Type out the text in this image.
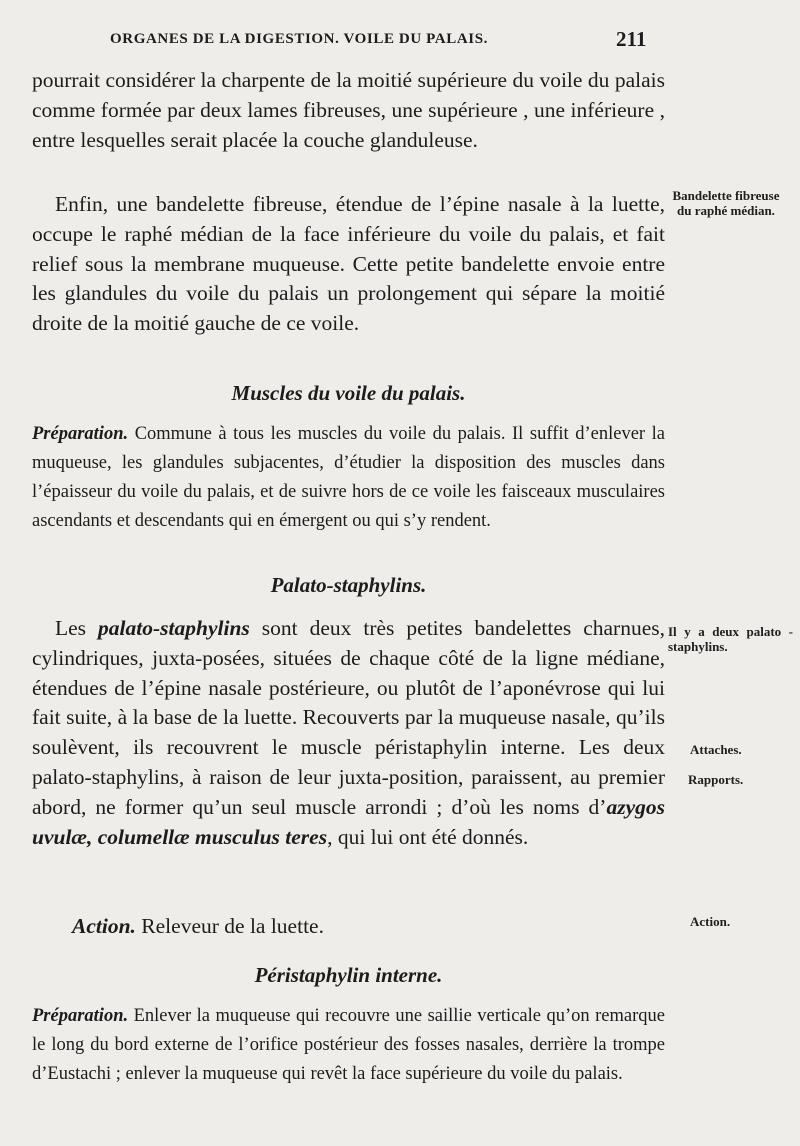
ORGANES DE LA DIGESTION. VOILE DU PALAIS.	211
pourrait considérer la charpente de la moitié supérieure du voile du palais comme formée par deux lames fibreuses, une supérieure , une inférieure , entre lesquelles serait placée la couche glanduleuse.
Enfin, une bandelette fibreuse, étendue de l’épine nasale à la luette, occupe le raphé médian de la face inférieure du voile du palais, et fait relief sous la membrane muqueuse. Cette petite bandelette envoie entre les glandules du voile du palais un prolongement qui sépare la moitié droite de la moitié gauche de ce voile.
Muscles du voile du palais.
Préparation. Commune à tous les muscles du voile du palais. Il suffit d’enlever la muqueuse, les glandules subjacentes, d’étudier la disposition des muscles dans l’épaisseur du voile du palais, et de suivre hors de ce voile les faisceaux musculaires ascendants et descendants qui en émergent ou qui s’y rendent.
Palato-staphylins.
Les palato-staphylins sont deux très petites bandelettes charnues, cylindriques, juxta-posées, situées de chaque côté de la ligne médiane, étendues de l’épine nasale postérieure, ou plutôt de l’aponévrose qui lui fait suite, à la base de la luette. Recouverts par la muqueuse nasale, qu’ils soulèvent, ils recouvrent le muscle péristaphylin interne. Les deux palato-staphylins, à raison de leur juxta-position, paraissent, au premier abord, ne former qu’un seul muscle arrondi ; d’où les noms d’azygos uvulæ, columellæ musculus teres, qui lui ont été donnés.
Action. Releveur de la luette.
Péristaphylin interne.
Préparation. Enlever la muqueuse qui recouvre une saillie verticale qu’on remarque le long du bord externe de l’orifice postérieur des fosses nasales, derrière la trompe d’Eustachi ; enlever la muqueuse qui revêt la face supérieure du voile du palais.
Bandelette fibreuse du raphé médian.
Il y a deux palato - staphylins.
Attaches.
Rapports.
Action.
